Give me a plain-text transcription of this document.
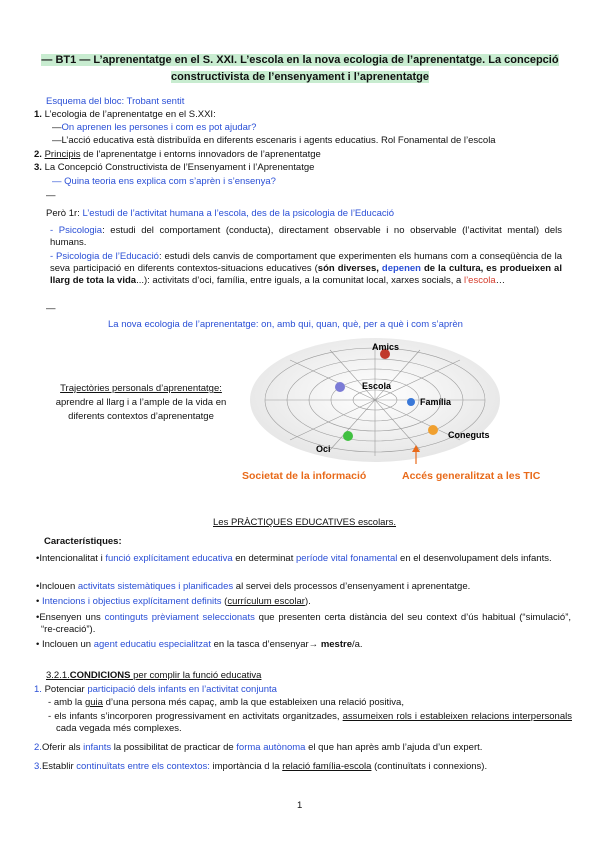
— BT1 — L’aprenentatge en el S. XXI. L’escola en la nova ecologia de l’aprenentatge. La concepció
constructivista de l’ensenyament i l’aprenentatge
Esquema del bloc: Trobant sentit
1. L’ecologia de l’aprenentatge en el S.XXI:
—On aprenen les persones i com es pot ajudar?
—L’acció educativa està distribuïda en diferents escenaris i agents educatius. Rol Fonamental de l’escola
2. Principis de l’aprenentatge i entorns innovadors de l’aprenentatge
3. La Concepció Constructivista de l’Ensenyament i l’Aprenentatge
— Quina teoria ens explica com s’aprèn i s’ensenya?
—
Però 1r: L’estudi de l’activitat humana a l’escola, des de la psicologia de l’Educació
- Psicologia: estudi del comportament (conducta), directament observable i no observable (l’activitat mental) dels humans.
- Psicologia de l’Educació: estudi dels canvis de comportament que experimenten els humans com a conseqüència de la seva participació en diferents contextos-situacions educatives (són diverses, depenen de la cultura, es produeixen al llarg de tota la vida...): activitats d’oci, família, entre iguals, a la comunitat local, xarxes socials, a l’escola…
—
La nova ecologia de l’aprenentatge: on, amb qui, quan, què, per a què i com s’aprèn
Trajectòries personals d’aprenentatge:
aprendre al llarg i a l’ample de la vida en
diferents contextos d’aprenentatge
Amics
Escola
Família
Oci
Coneguts
Societat de la informació	Accés generalitzat a les TIC
Les PRÀCTIQUES EDUCATIVES escolars.
Característiques:
•Intencionalitat i funció explícitament educativa en determinat període vital fonamental en el desenvolupament dels infants.
•Inclouen activitats sistemàtiques i planificades al servei dels processos d’ensenyament i aprenentatge.
• Intencions i objectius explícitament definits (currículum escolar).
•Ensenyen uns continguts prèviament seleccionats que presenten certa distància del seu context d’ús habitual (“simulació”, “re-creació”).
• Inclouen un agent educatiu especialitzat en la tasca d’ensenyar→ mestre/a.
3.2.1.CONDICIONS per complir la funció educativa
1. Potenciar participació dels infants en l’activitat conjunta
- amb la guia d’una persona més capaç, amb la que estableixen una relació positiva,
- els infants s’incorporen progressivament en activitats organitzades, assumeixen rols i estableixen relacions interpersonals cada vegada més complexes.
2.Oferir als infants la possibilitat de practicar de forma autònoma el que han après amb l’ajuda d’un expert.
3.Establir continuïtats entre els contextos: importància d la relació família-escola (continuïtats i connexions).
1
